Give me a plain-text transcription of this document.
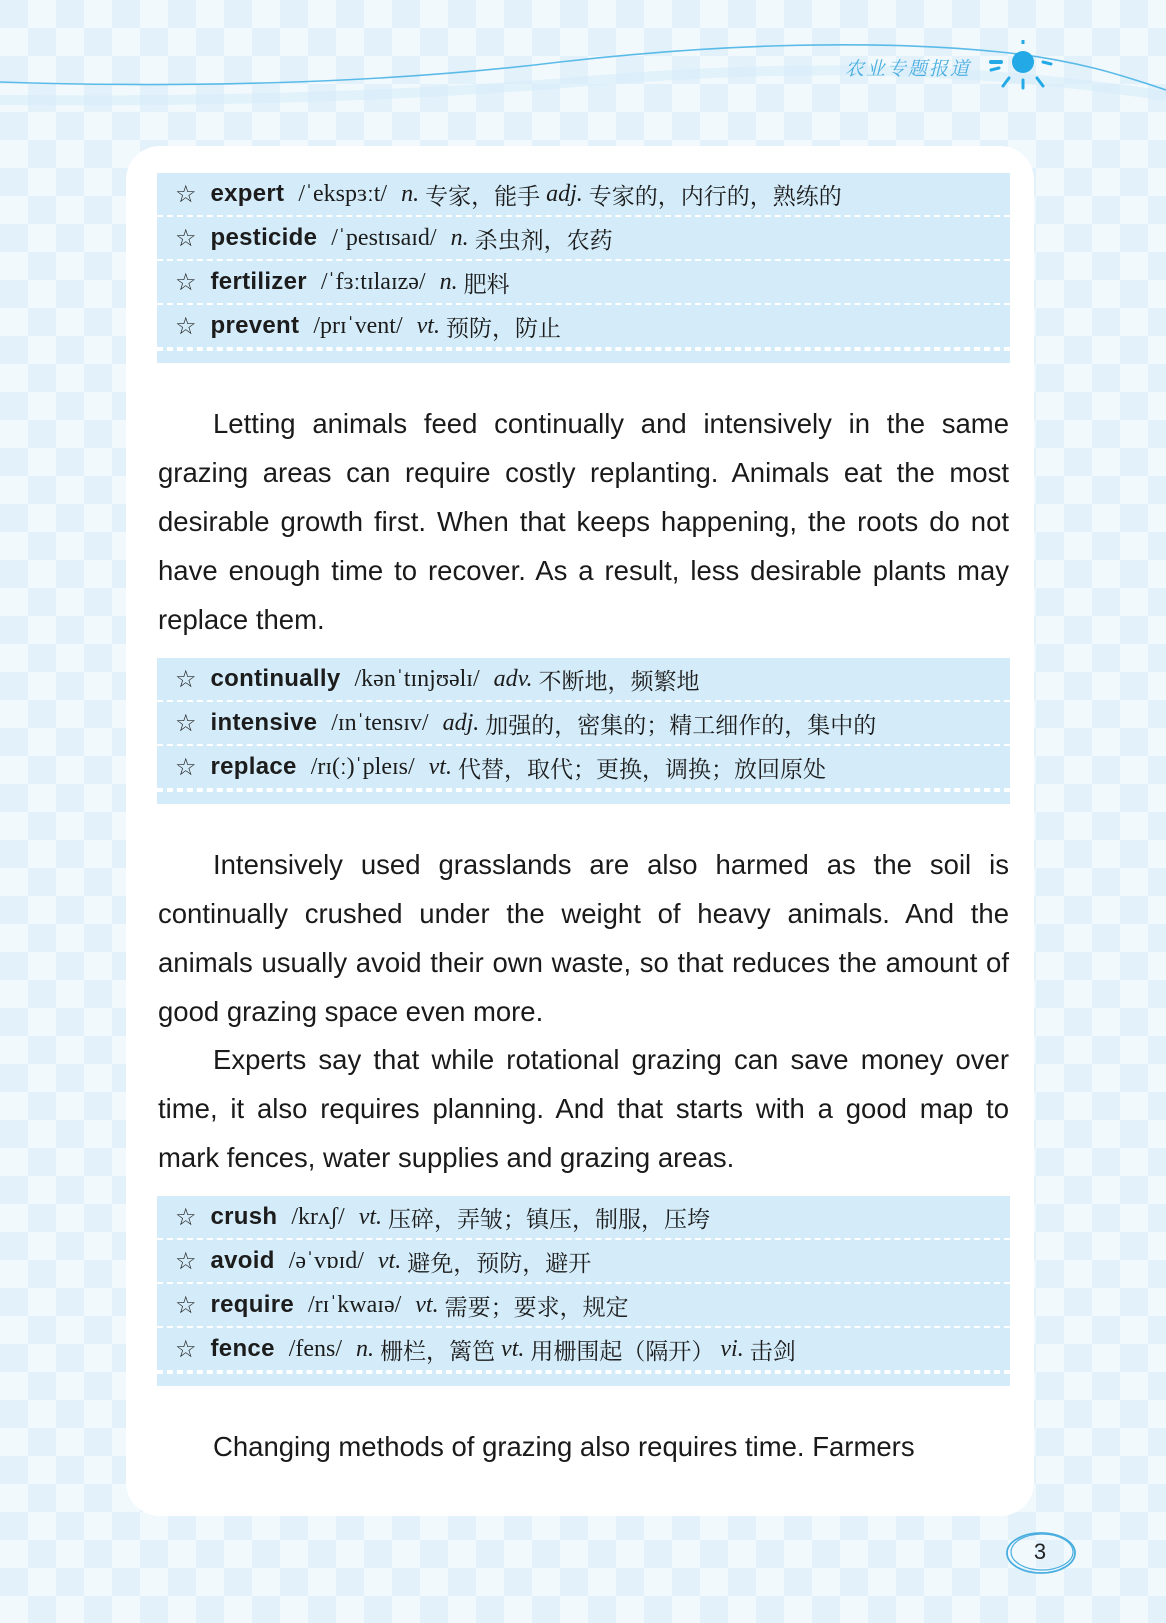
农业专题报道
☆ expert /ˈekspɜːt/ n. 专家，能手 adj. 专家的，内行的，熟练的
☆ pesticide /ˈpestɪsaɪd/ n. 杀虫剂，农药
☆ fertilizer /ˈfɜːtɪlaɪzə/ n. 肥料
☆ prevent /prɪˈvent/ vt. 预防，防止

Letting animals feed continually and intensively in the same grazing areas can require costly replanting. Animals eat the most desirable growth first. When that keeps happening, the roots do not have enough time to recover. As a result, less desirable plants may replace them.

☆ continually /kənˈtɪnjʊəlɪ/ adv. 不断地，频繁地
☆ intensive /ɪnˈtensɪv/ adj. 加强的，密集的；精工细作的，集中的
☆ replace /rɪ(ː)ˈpleɪs/ vt. 代替，取代；更换，调换；放回原处

Intensively used grasslands are also harmed as the soil is continually crushed under the weight of heavy animals. And the animals usually avoid their own waste, so that reduces the amount of good grazing space even more.

Experts say that while rotational grazing can save money over time, it also requires planning. And that starts with a good map to mark fences, water supplies and grazing areas.

☆ crush /krʌʃ/ vt. 压碎，弄皱；镇压，制服，压垮
☆ avoid /əˈvɒɪd/ vt. 避免，预防，避开
☆ require /rɪˈkwaɪə/ vt. 需要；要求，规定
☆ fence /fens/ n. 栅栏，篱笆 vt. 用栅围起（隔开） vi. 击剑

Changing methods of grazing also requires time. Farmers

3
